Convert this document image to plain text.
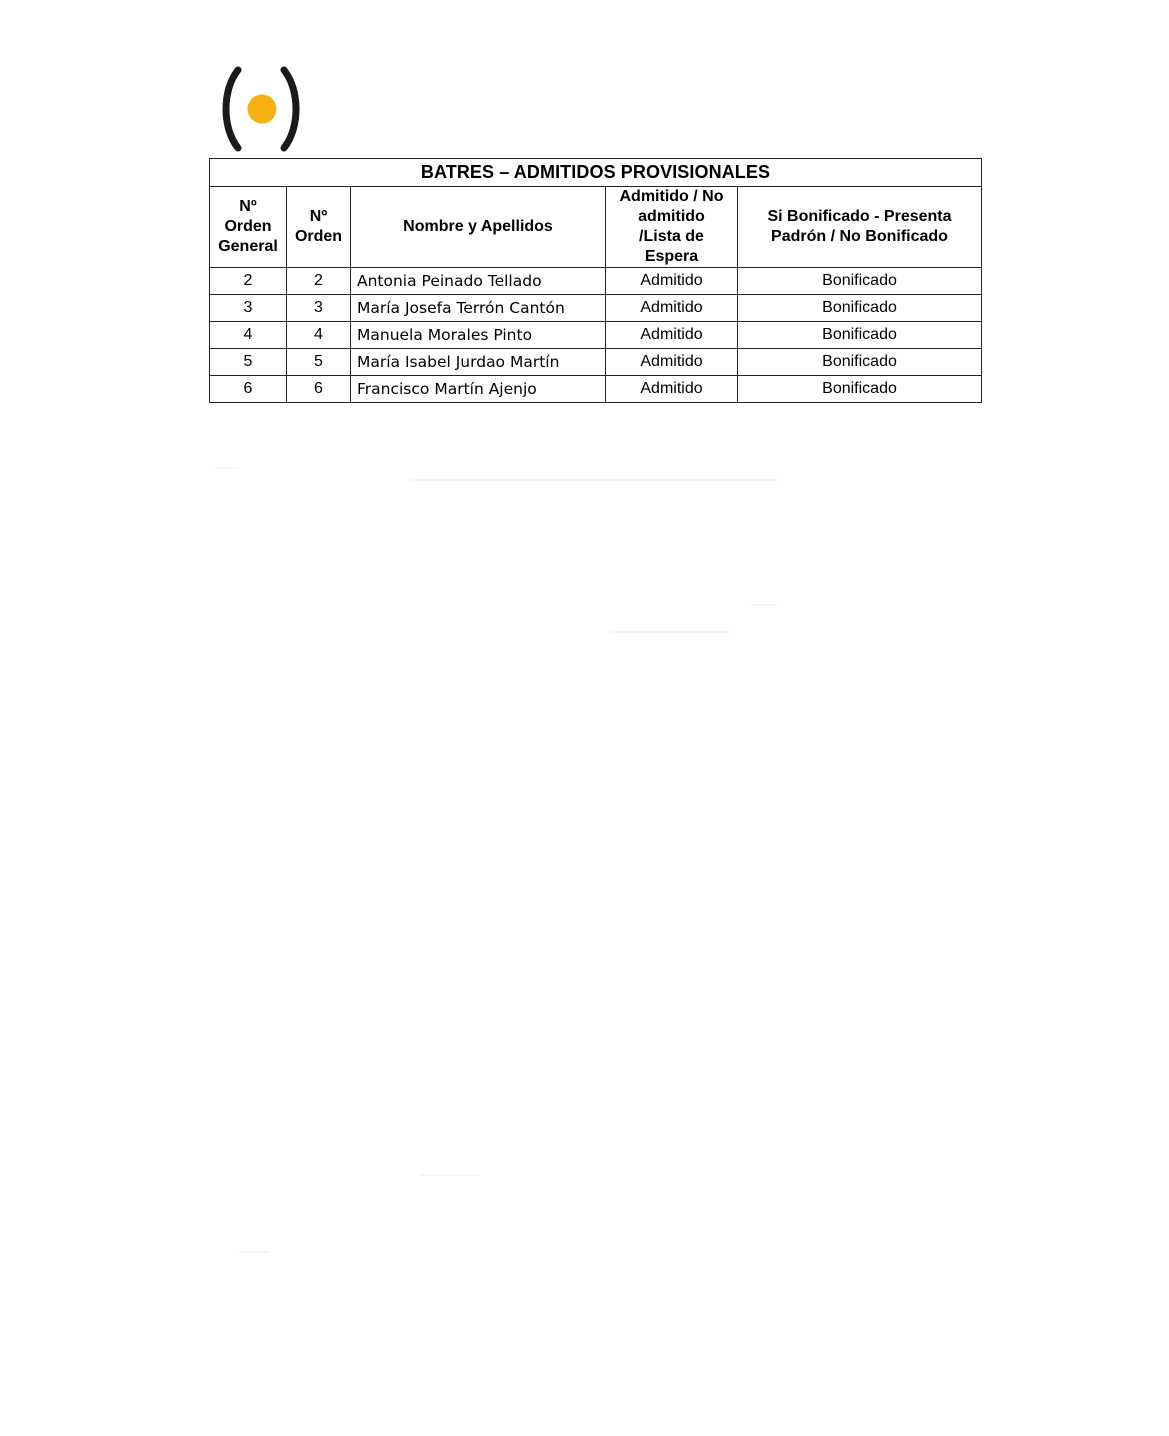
BATRES – ADMITIDOS PROVISIONALES				
Nº
Orden
General	Nº
Orden	Nombre y Apellidos	Admitido / No
admitido
/Lista de
Espera	Si Bonificado - Presenta
Padrón / No Bonificado
2	2	Antonia Peinado Tellado	Admitido	Bonificado
3	3	María Josefa Terrón Cantón	Admitido	Bonificado
4	4	Manuela Morales Pinto	Admitido	Bonificado
5	5	María Isabel Jurdao Martín	Admitido	Bonificado
6	6	Francisco Martín Ajenjo	Admitido	Bonificado
